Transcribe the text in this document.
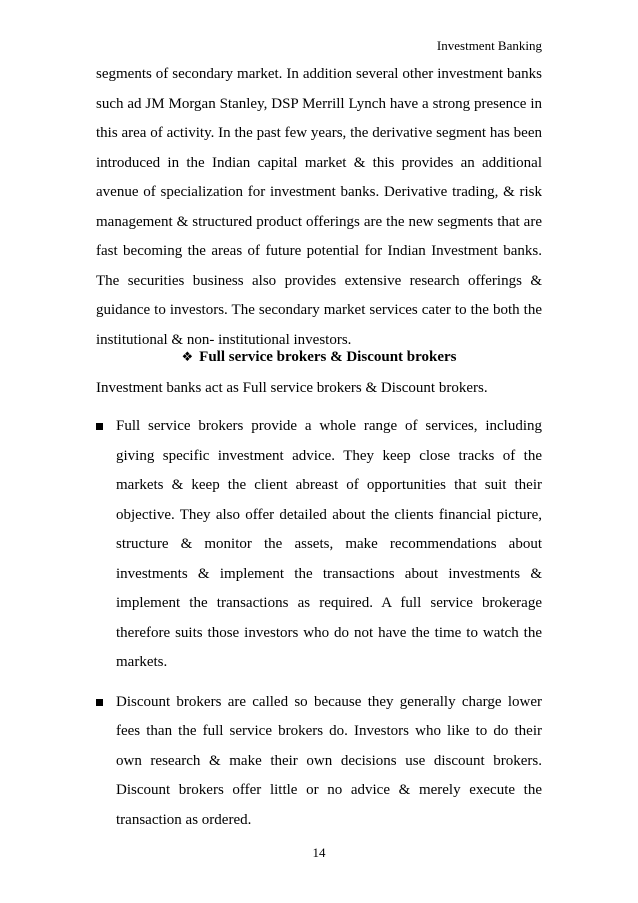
Investment Banking

segments of secondary market. In addition several other investment banks such ad JM Morgan Stanley, DSP Merrill Lynch have a strong presence in this area of activity. In the past few years, the derivative segment has been introduced in the Indian capital market & this provides an additional avenue of specialization for investment banks. Derivative trading, & risk management & structured product offerings are the new segments that are fast becoming the areas of future potential for Indian Investment banks. The securities business also provides extensive research offerings & guidance to investors. The secondary market services cater to the both the institutional & non- institutional investors.

❖ Full service brokers & Discount brokers

Investment banks act as Full service brokers & Discount brokers.

Full service brokers provide a whole range of services, including giving specific investment advice. They keep close tracks of the markets & keep the client abreast of opportunities that suit their objective. They also offer detailed about the clients financial picture, structure & monitor the assets, make recommendations about investments & implement the transactions about investments & implement the transactions as required. A full service brokerage therefore suits those investors who do not have the time to watch the markets.
Discount brokers are called so because they generally charge lower fees than the full service brokers do. Investors who like to do their own research & make their own decisions use discount brokers. Discount brokers offer little or no advice & merely execute the transaction as ordered.
14
